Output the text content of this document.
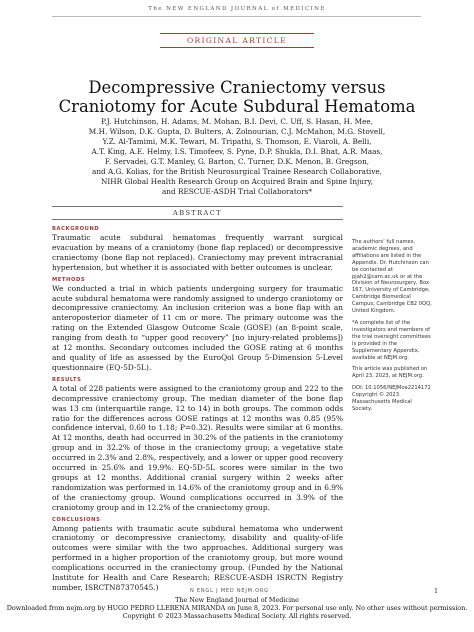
The NEW ENGLAND JOURNAL of MEDICINE
ORIGINAL ARTICLE
Decompressive Craniectomy versus
Craniotomy for Acute Subdural Hematoma
P.J. Hutchinson, H. Adams, M. Mohan, B.I. Devi, C. Uff, S. Hasan, H. Mee,
M.H. Wilson, D.K. Gupta, D. Bulters, A. Zolnourian, C.J. McMahon, M.G. Stovell,
Y.Z. Al-Tamimi, M.K. Tewari, M. Tripathi, S. Thomson, E. Viaroli, A. Belli,
A.T. King, A.E. Helmy, I.S. Timofeev, S. Pyne, D.P. Shukla, D.I. Bhat, A.R. Maas,
F. Servadei, G.T. Manley, G. Barton, C. Turner, D.K. Menon, B. Gregson,
and A.G. Kolias, for the British Neurosurgical Trainee Research Collaborative,
NIHR Global Health Research Group on Acquired Brain and Spine Injury,
and RESCUE-ASDH Trial Collaborators*
ABSTRACT
BACKGROUND

Traumatic acute subdural hematomas frequently warrant surgical evacuation by means of a craniotomy (bone flap replaced) or decompressive craniectomy (bone flap not replaced). Craniectomy may prevent intracranial hypertension, but whether it is associated with better outcomes is unclear.

METHODS

We conducted a trial in which patients undergoing surgery for traumatic acute subdural hematoma were randomly assigned to undergo craniotomy or decompressive craniectomy. An inclusion criterion was a bone flap with an anteroposterior diameter of 11 cm or more. The primary outcome was the rating on the Extended Glasgow Outcome Scale (GOSE) (an 8-point scale, ranging from death to “upper good recovery” [no injury-related problems]) at 12 months. Secondary outcomes included the GOSE rating at 6 months and quality of life as assessed by the EuroQol Group 5-Dimension 5-Level questionnaire (EQ-5D-5L).

RESULTS

A total of 228 patients were assigned to the craniotomy group and 222 to the decompressive craniectomy group. The median diameter of the bone flap was 13 cm (interquartile range, 12 to 14) in both groups. The common odds ratio for the differences across GOSE ratings at 12 months was 0.85 (95% confidence interval, 0.60 to 1.18; P=0.32). Results were similar at 6 months. At 12 months, death had occurred in 30.2% of the patients in the craniotomy group and in 32.2% of those in the craniectomy group; a vegetative state occurred in 2.3% and 2.8%, respectively, and a lower or upper good recovery occurred in 25.6% and 19.9%. EQ-5D-5L scores were similar in the two groups at 12 months. Additional cranial surgery within 2 weeks after randomization was performed in 14.6% of the craniotomy group and in 6.9% of the craniectomy group. Wound complications occurred in 3.9% of the craniotomy group and in 12.2% of the craniectomy group.

CONCLUSIONS

Among patients with traumatic acute subdural hematoma who underwent craniotomy or decompressive craniectomy, disability and quality-of-life outcomes were similar with the two approaches. Additional surgery was performed in a higher proportion of the craniotomy group, but more wound complications occurred in the craniectomy group. (Funded by the National Institute for Health and Care Research; RESCUE-ASDH ISRCTN Registry number, ISRCTN87370545.)

The authors’ full names, academic degrees, and affiliations are listed in the Appendix. Dr. Hutchinson can be contacted at pjah2@cam.ac.uk or at the Division of Neurosurgery, Box 167, University of Cambridge, Cambridge Biomedical Campus, Cambridge CB2 0QQ, United Kingdom.

*A complete list of the investigators and members of the trial oversight committees is provided in the Supplementary Appendix, available at NEJM.org.

This article was published on April 23, 2023, at NEJM.org.

DOI: 10.1056/NEJMoa2214172
Copyright © 2023 Massachusetts Medical Society.

N ENGL J MED NEJM.ORG	1
The New England Journal of Medicine
Downloaded from nejm.org by HUGO PEDRO LLERENA MIRANDA on June 8, 2023. For personal use only. No other uses without permission.
Copyright © 2023 Massachusetts Medical Society. All rights reserved.
